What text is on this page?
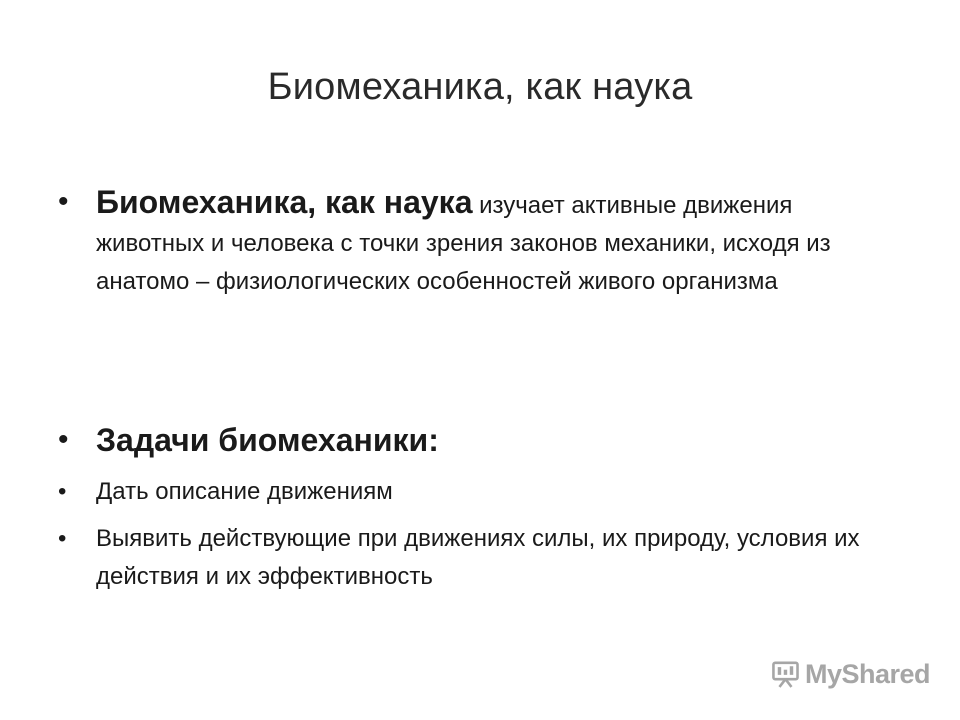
Биомеханика, как наука
• Биомеханика, как наука изучает активные движения животных и человека с точки зрения законов механики, исходя из анатомо – физиологических особенностей живого организма
• Задачи биомеханики:
•	Дать описание движениям
•	Выявить действующие при движениях силы, их природу, условия их действия и их эффективность
MyShared
